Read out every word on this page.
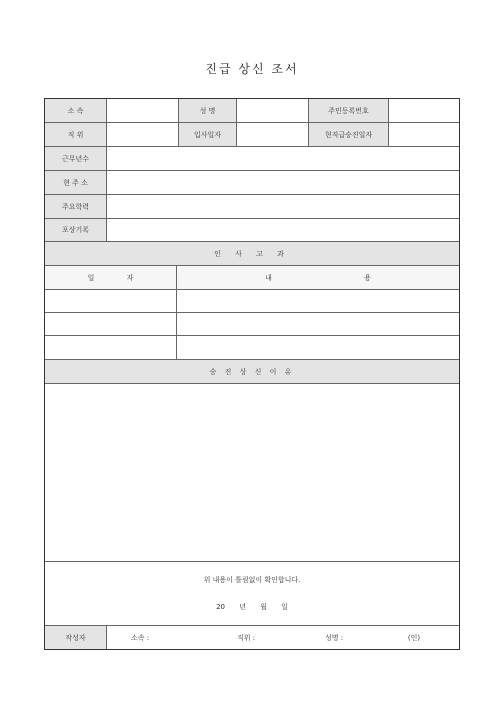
진급 상신 조서
소 속	성 명	주민등록번호
직 위	입사일자	현직급승진일자
근무년수
현 주 소
주요학력
포상기록
인 사 고 과
일 자	내 용
승 진 상 신 이 유
위 내용이 틀림없이 확인합니다.
20 년 월 일
작성자	소속 :	직위 :	성명 :	(인)
